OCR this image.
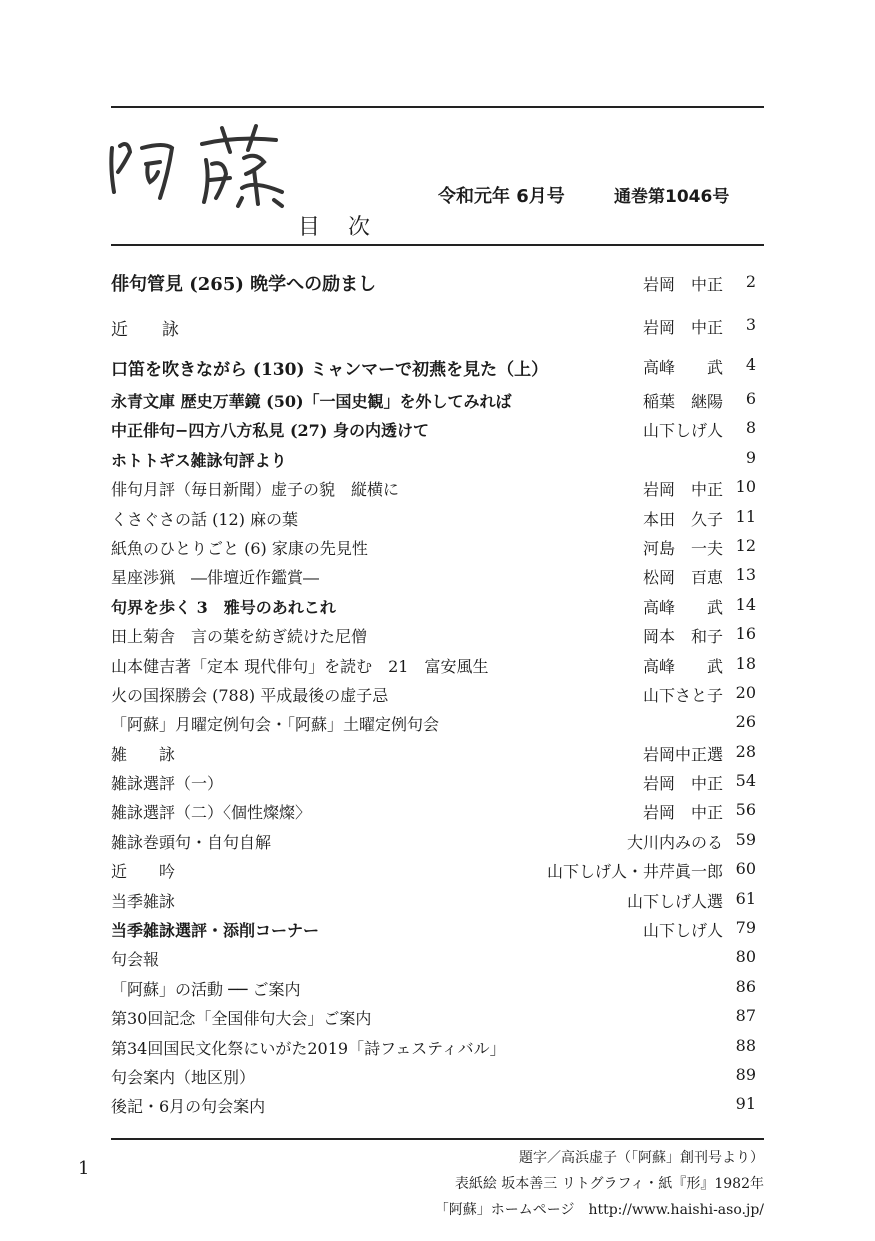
令和元年 6月号	通巻第1046号
目次
俳句管見 (265) 晩学への励まし	岩岡　中正	2
近　　詠	岩岡　中正	3
口笛を吹きながら (130) ミャンマーで初燕を見た（上）	高峰　　武	4
永青文庫 歴史万華鏡 (50)「一国史観」を外してみれば	稲葉　継陽	6
中正俳句−四方八方私見 (27) 身の内透けて	山下しげ人	8
ホトトギス雑詠句評より	9
俳句月評（毎日新聞）虚子の貌　縦横に	岩岡　中正 10
くさぐさの話 (12) 麻の葉	本田　久子 11
紙魚のひとりごと (6) 家康の先見性	河島　一夫 12
星座渉猟　―俳壇近作鑑賞―	松岡　百恵 13
句界を歩く 3　雅号のあれこれ	高峰　　武 14
田上菊舎　言の葉を紡ぎ続けた尼僧	岡本　和子 16
山本健吉著「定本 現代俳句」を読む　21　富安風生	高峰　　武 18
火の国探勝会 (788) 平成最後の虚子忌	山下さと子 20
「阿蘇」月曜定例句会・「阿蘇」土曜定例句会	26
雑　　詠	岩岡中正選 28
雑詠選評（一）	岩岡　中正 54
雑詠選評（二）〈個性燦燦〉	岩岡　中正 56
雑詠巻頭句・自句自解	大川内みのる 59
近　　吟	山下しげ人・井芹眞一郎 60
当季雑詠	山下しげ人選 61
当季雑詠選評・添削コーナー	山下しげ人 79
句会報	80
「阿蘇」の活動 ── ご案内	86
第30回記念「全国俳句大会」ご案内	87
第34回国民文化祭にいがた2019「詩フェスティバル」	88
句会案内（地区別）	89
後記・6月の句会案内	91
1	題字／高浜虚子（「阿蘇」創刊号より）
表紙絵 坂本善三 リトグラフィ・紙『形』1982年
「阿蘇」ホームページ　http://www.haishi-aso.jp/
